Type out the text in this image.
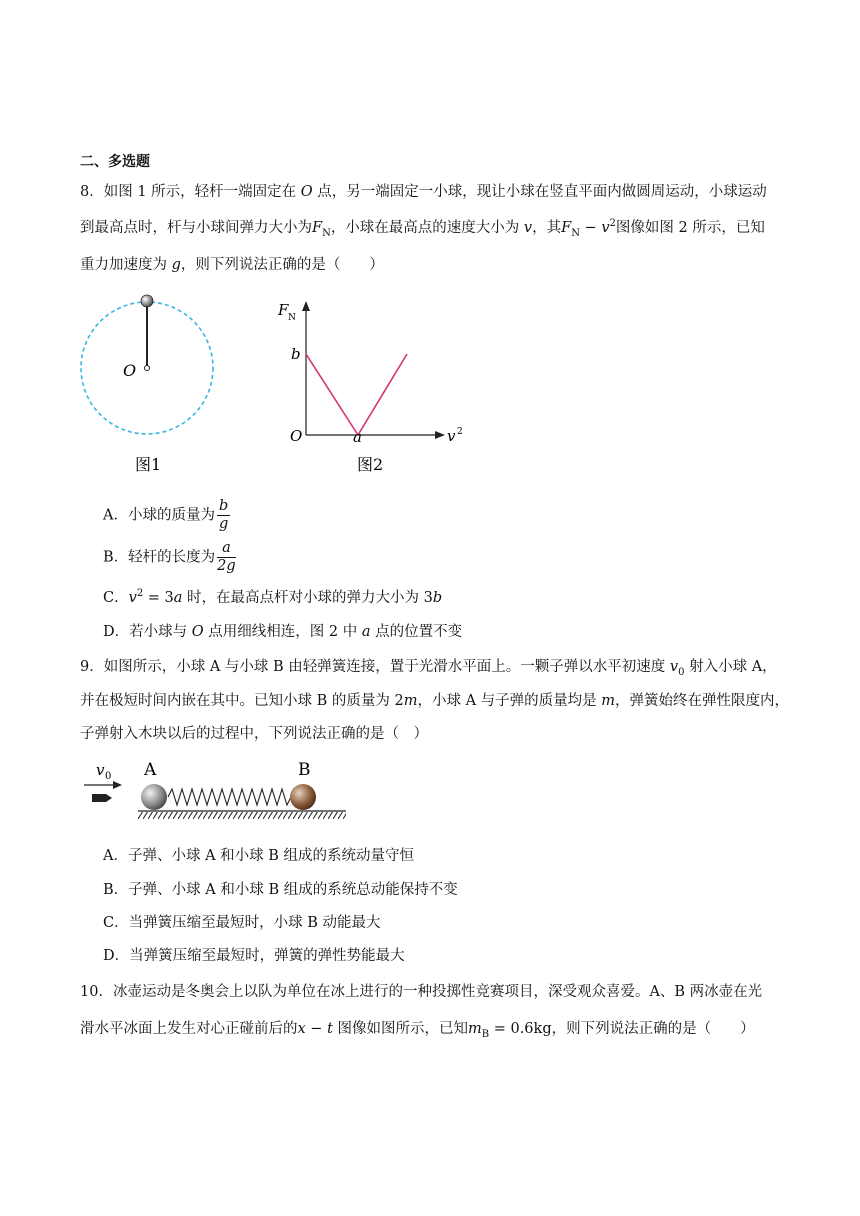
二、多选题
8．如图 1 所示，轻杆一端固定在 O 点，另一端固定一小球，现让小球在竖直平面内做圆周运动，小球运动
到最高点时，杆与小球间弹力大小为$F_N$，小球在最高点的速度大小为 v，其$F_N - v^2$图像如图 2 所示，已知
重力加速度为 g，则下列说法正确的是（　　）
O
图1
F N
b
O	a	v 2
图2
A．小球的质量为 $\frac{b}{g}$
B．轻杆的长度为 $\frac{a}{2g}$
C．$v^2 = 3a$ 时，在最高点杆对小球的弹力大小为 3b
D．若小球与 O 点用细线相连，图 2 中 a 点的位置不变
9．如图所示，小球 A 与小球 B 由轻弹簧连接，置于光滑水平面上。一颗子弹以水平初速度 $v_0$ 射入小球 A，
并在极短时间内嵌在其中。已知小球 B 的质量为 2m，小球 A 与子弹的质量均是 m，弹簧始终在弹性限度内，
子弹射入木块以后的过程中，下列说法正确的是（　）
v 0 A	B
A．子弹、小球 A 和小球 B 组成的系统动量守恒
B．子弹、小球 A 和小球 B 组成的系统总动能保持不变
C．当弹簧压缩至最短时，小球 B 动能最大
D．当弹簧压缩至最短时，弹簧的弹性势能最大
10．冰壶运动是冬奥会上以队为单位在冰上进行的一种投掷性竞赛项目，深受观众喜爱。A、B 两冰壶在光
滑水平冰面上发生对心正碰前后的x − t 图像如图所示，已知$m_B = 0.6kg$，则下列说法正确的是（　　）
